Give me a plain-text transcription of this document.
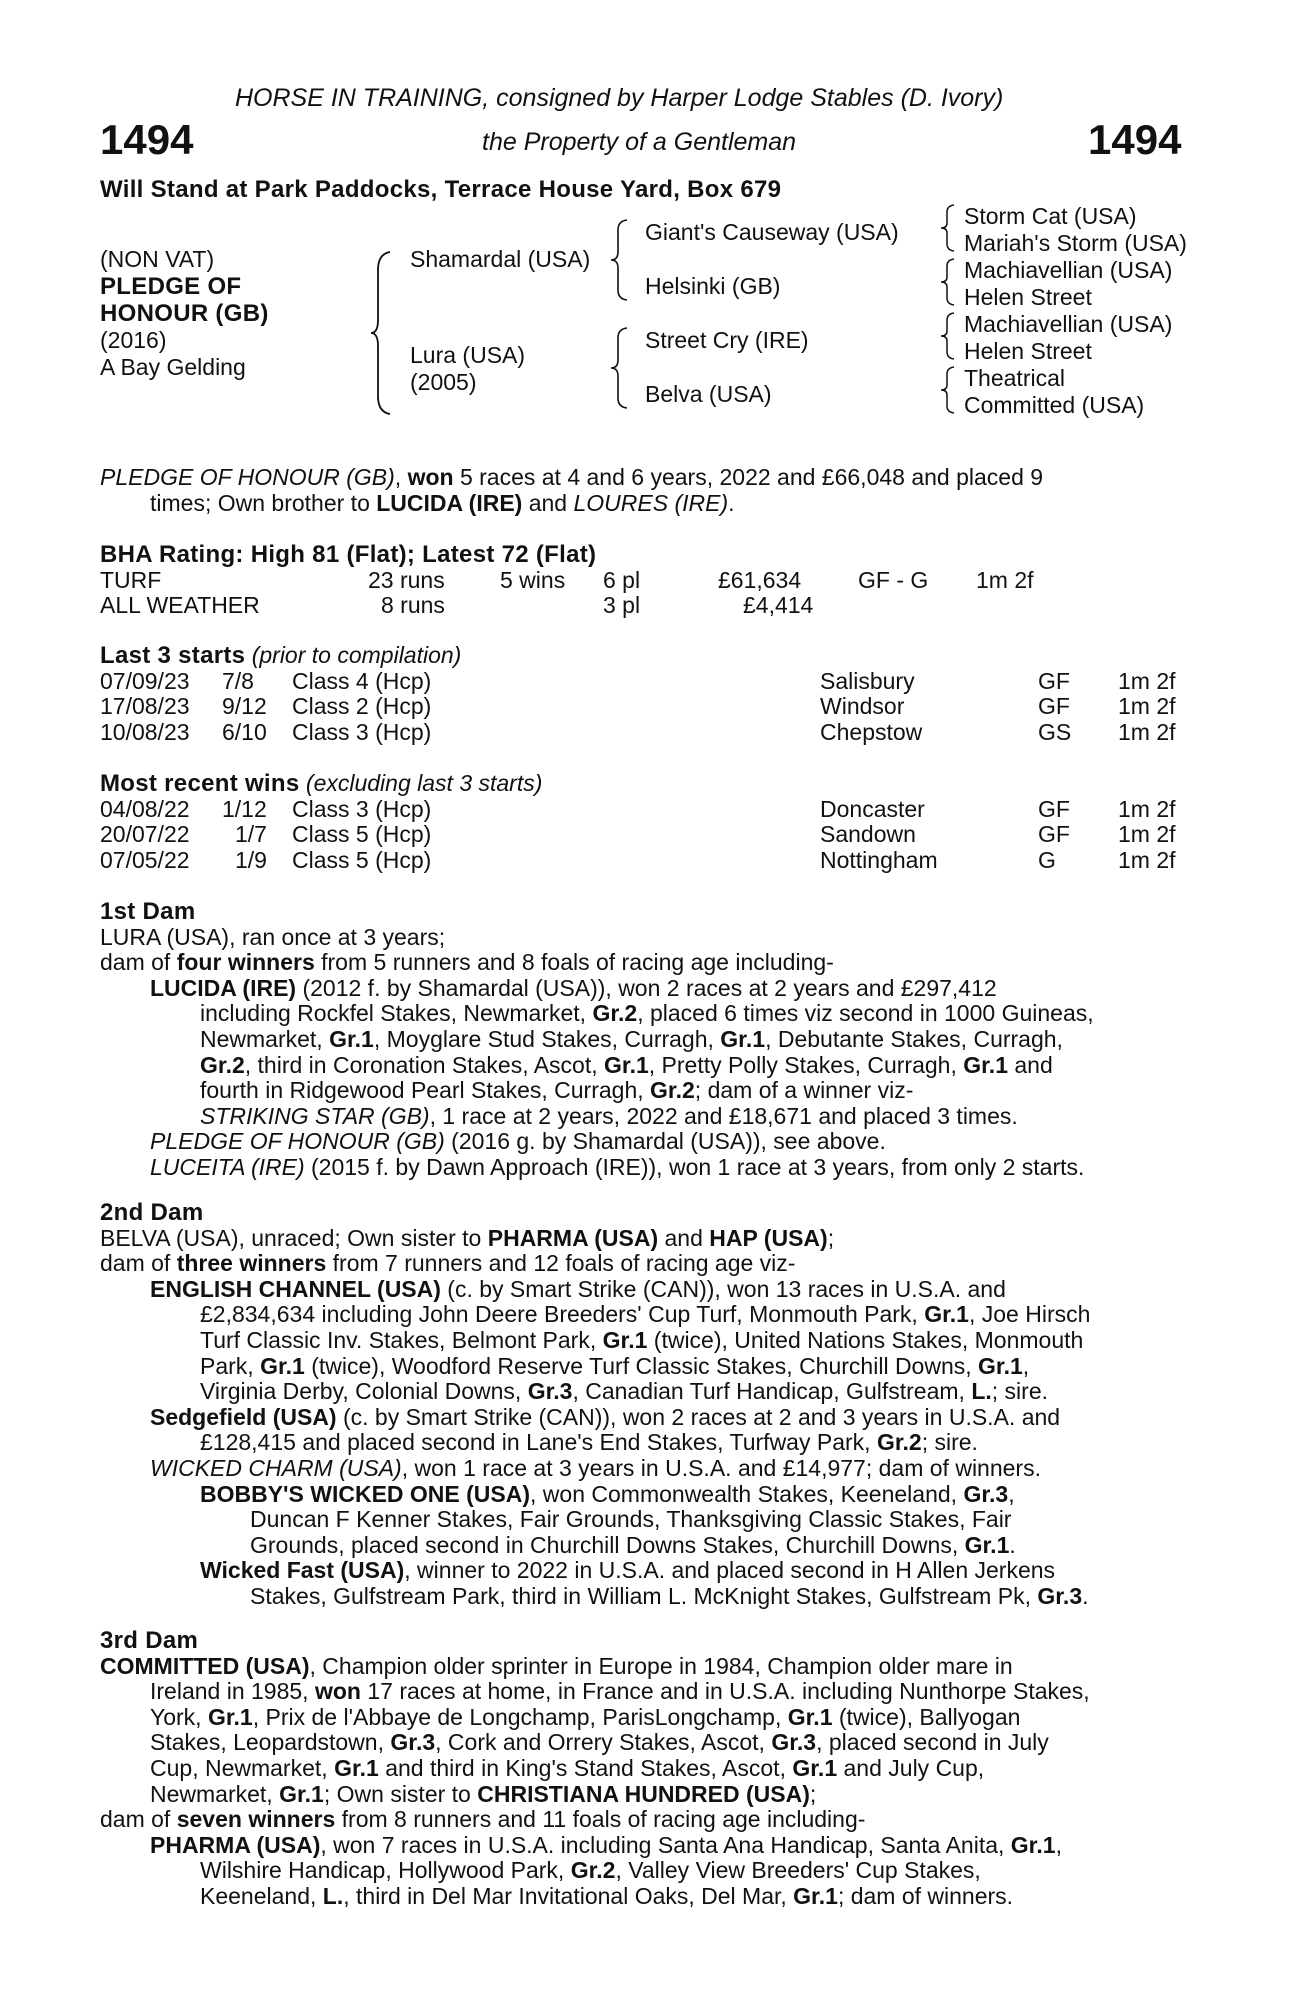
HORSE IN TRAINING, consigned by Harper Lodge Stables (D. Ivory)
1494	the Property of a Gentleman	1494
Will Stand at Park Paddocks, Terrace House Yard, Box 679
(NON VAT)
PLEDGE OF
HONOUR (GB)
(2016)
A Bay Gelding
Shamardal (USA)
Lura (USA)
(2005)
Giant's Causeway (USA)
Helsinki (GB)
Street Cry (IRE)
Belva (USA)
Storm Cat (USA)
Mariah's Storm (USA)
Machiavellian (USA)
Helen Street
Machiavellian (USA)
Helen Street
Theatrical
Committed (USA)

PLEDGE OF HONOUR (GB), won 5 races at 4 and 6 years, 2022 and £66,048 and placed 9

times; Own brother to LUCIDA (IRE) and LOURES (IRE).

BHA Rating: High 81 (Flat); Latest 72 (Flat)
TURF	23 runs 5 wins 6 pl	£61,634 GF - G 1m 2f
ALL WEATHER	8 runs	3 pl	£4,414
Last 3 starts (prior to compilation)
07/09/23 7/8 Class 4 (Hcp)	Salisbury	GF 1m 2f
17/08/23 9/12 Class 2 (Hcp)	Windsor	GF 1m 2f
10/08/23 6/10 Class 3 (Hcp)	Chepstow	GS 1m 2f
Most recent wins (excluding last 3 starts)
04/08/22 1/12 Class 3 (Hcp)	Doncaster	GF 1m 2f
20/07/22 1/7 Class 5 (Hcp)	Sandown	GF 1m 2f
07/05/22 1/9 Class 5 (Hcp)	Nottingham	G	1m 2f

1st Dam

LURA (USA), ran once at 3 years;

dam of four winners from 5 runners and 8 foals of racing age including-

LUCIDA (IRE) (2012 f. by Shamardal (USA)), won 2 races at 2 years and £297,412

including Rockfel Stakes, Newmarket, Gr.2, placed 6 times viz second in 1000 Guineas,

Newmarket, Gr.1, Moyglare Stud Stakes, Curragh, Gr.1, Debutante Stakes, Curragh,

Gr.2, third in Coronation Stakes, Ascot, Gr.1, Pretty Polly Stakes, Curragh, Gr.1 and

fourth in Ridgewood Pearl Stakes, Curragh, Gr.2; dam of a winner viz-

STRIKING STAR (GB), 1 race at 2 years, 2022 and £18,671 and placed 3 times.

PLEDGE OF HONOUR (GB) (2016 g. by Shamardal (USA)), see above.

LUCEITA (IRE) (2015 f. by Dawn Approach (IRE)), won 1 race at 3 years, from only 2 starts.

2nd Dam

BELVA (USA), unraced; Own sister to PHARMA (USA) and HAP (USA);

dam of three winners from 7 runners and 12 foals of racing age viz-

ENGLISH CHANNEL (USA) (c. by Smart Strike (CAN)), won 13 races in U.S.A. and

£2,834,634 including John Deere Breeders' Cup Turf, Monmouth Park, Gr.1, Joe Hirsch

Turf Classic Inv. Stakes, Belmont Park, Gr.1 (twice), United Nations Stakes, Monmouth

Park, Gr.1 (twice), Woodford Reserve Turf Classic Stakes, Churchill Downs, Gr.1,

Virginia Derby, Colonial Downs, Gr.3, Canadian Turf Handicap, Gulfstream, L.; sire.

Sedgefield (USA) (c. by Smart Strike (CAN)), won 2 races at 2 and 3 years in U.S.A. and

£128,415 and placed second in Lane's End Stakes, Turfway Park, Gr.2; sire.

WICKED CHARM (USA), won 1 race at 3 years in U.S.A. and £14,977; dam of winners.

BOBBY'S WICKED ONE (USA), won Commonwealth Stakes, Keeneland, Gr.3,

Duncan F Kenner Stakes, Fair Grounds, Thanksgiving Classic Stakes, Fair

Grounds, placed second in Churchill Downs Stakes, Churchill Downs, Gr.1.

Wicked Fast (USA), winner to 2022 in U.S.A. and placed second in H Allen Jerkens

Stakes, Gulfstream Park, third in William L. McKnight Stakes, Gulfstream Pk, Gr.3.

3rd Dam

COMMITTED (USA), Champion older sprinter in Europe in 1984, Champion older mare in

Ireland in 1985, won 17 races at home, in France and in U.S.A. including Nunthorpe Stakes,

York, Gr.1, Prix de l'Abbaye de Longchamp, ParisLongchamp, Gr.1 (twice), Ballyogan

Stakes, Leopardstown, Gr.3, Cork and Orrery Stakes, Ascot, Gr.3, placed second in July

Cup, Newmarket, Gr.1 and third in King's Stand Stakes, Ascot, Gr.1 and July Cup,

Newmarket, Gr.1; Own sister to CHRISTIANA HUNDRED (USA);

dam of seven winners from 8 runners and 11 foals of racing age including-

PHARMA (USA), won 7 races in U.S.A. including Santa Ana Handicap, Santa Anita, Gr.1,

Wilshire Handicap, Hollywood Park, Gr.2, Valley View Breeders' Cup Stakes,

Keeneland, L., third in Del Mar Invitational Oaks, Del Mar, Gr.1; dam of winners.
